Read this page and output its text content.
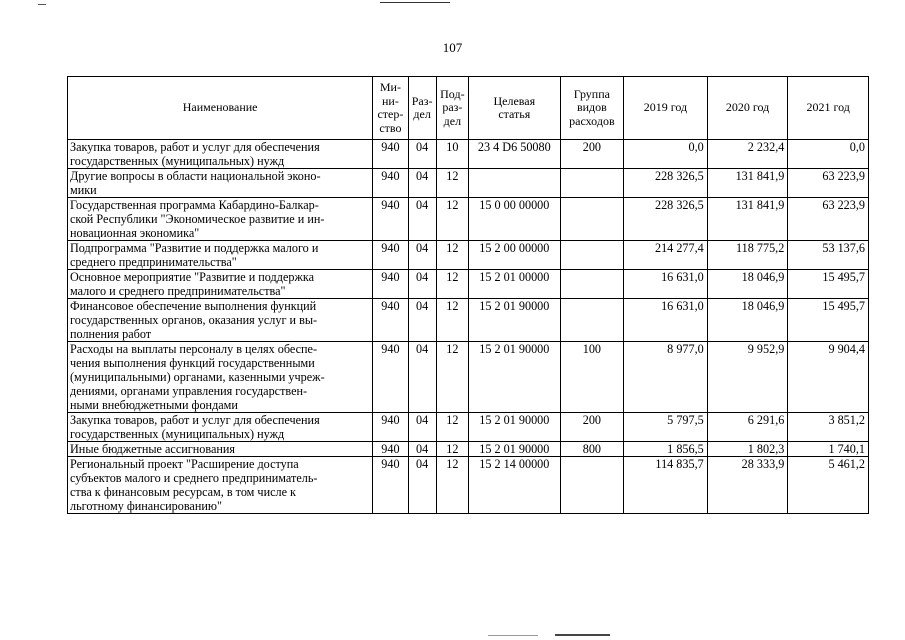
107
Наименование	Ми-
ни-
стер-
ство	Раз-
дел	Под-
раз-
дел	Целевая
статья	Группа
видов
расходов	2019 год	2020 год	2021 год
Закупка товаров, работ и услуг для обеспечения
государственных (муниципальных) нужд	940	04	10	23 4 D6 50080	200	0,0	2 232,4	0,0
Другие вопросы в области национальной эконо-
мики	940	04	12			228 326,5	131 841,9	63 223,9
Государственная программа Кабардино-Балкар-
ской Республики "Экономическое развитие и ин-
новационная экономика"	940	04	12	15 0 00 00000		228 326,5	131 841,9	63 223,9
Подпрограмма "Развитие и поддержка малого и
среднего предпринимательства"	940	04	12	15 2 00 00000		214 277,4	118 775,2	53 137,6
Основное мероприятие "Развитие и поддержка
малого и среднего предпринимательства"	940	04	12	15 2 01 00000		16 631,0	18 046,9	15 495,7
Финансовое обеспечение выполнения функций
государственных органов, оказания услуг и вы-
полнения работ	940	04	12	15 2 01 90000		16 631,0	18 046,9	15 495,7
Расходы на выплаты персоналу в целях обеспе-
чения выполнения функций государственными
(муниципальными) органами, казенными учреж-
дениями, органами управления государствен-
ными внебюджетными фондами	940	04	12	15 2 01 90000	100	8 977,0	9 952,9	9 904,4
Закупка товаров, работ и услуг для обеспечения
государственных (муниципальных) нужд	940	04	12	15 2 01 90000	200	5 797,5	6 291,6	3 851,2
Иные бюджетные ассигнования	940	04	12	15 2 01 90000	800	1 856,5	1 802,3	1 740,1
Региональный проект "Расширение доступа
субъектов малого и среднего предприниматель-
ства к финансовым ресурсам, в том числе к
льготному финансированию"	940	04	12	15 2 14 00000		114 835,7	28 333,9	5 461,2
